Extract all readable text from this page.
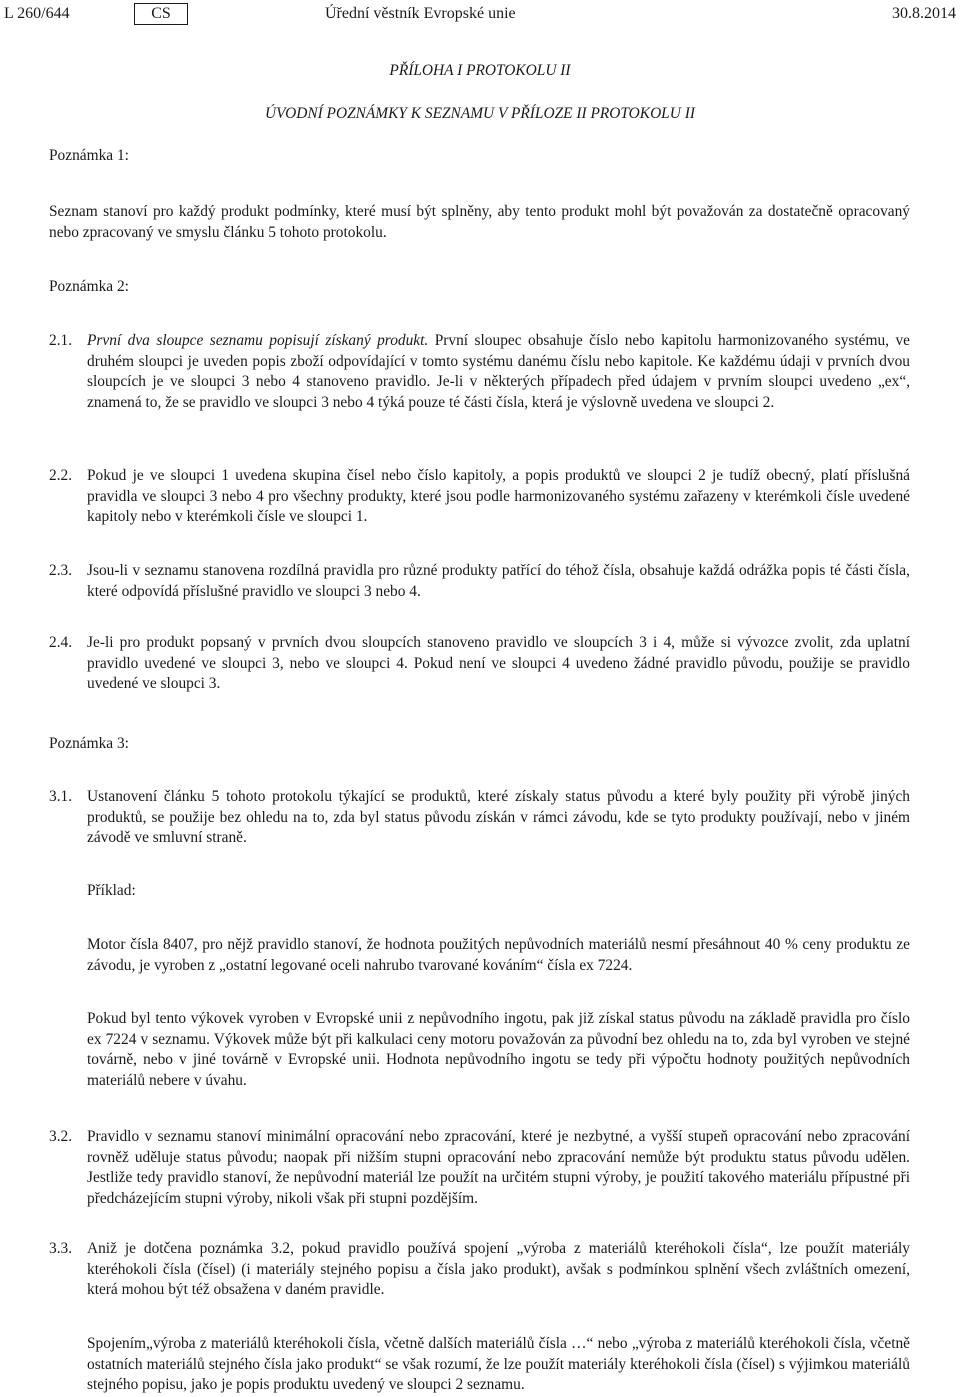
L 260/644	CS	Úřední věstník Evropské unie	30.8.2014
PŘÍLOHA I PROTOKOLU II
ÚVODNÍ POZNÁMKY K SEZNAMU V PŘÍLOZE II PROTOKOLU II

Poznámka 1:

Seznam stanoví pro každý produkt podmínky, které musí být splněny, aby tento produkt mohl být považován za dostatečně opracovaný nebo zpracovaný ve smyslu článku 5 tohoto protokolu.

Poznámka 2:

2.1. První dva sloupce seznamu popisují získaný produkt. První sloupec obsahuje číslo nebo kapitolu harmonizovaného systému, ve druhém sloupci je uveden popis zboží odpovídající v tomto systému danému číslu nebo kapitole. Ke každému údaji v prvních dvou sloupcích je ve sloupci 3 nebo 4 stanoveno pravidlo. Je-li v některých případech před údajem v prvním sloupci uvedeno „ex“, znamená to, že se pravidlo ve sloupci 3 nebo 4 týká pouze té části čísla, která je výslovně uvedena ve sloupci 2.

2.2. Pokud je ve sloupci 1 uvedena skupina čísel nebo číslo kapitoly, a popis produktů ve sloupci 2 je tudíž obecný, platí příslušná pravidla ve sloupci 3 nebo 4 pro všechny produkty, které jsou podle harmonizovaného systému zařazeny v kterémkoli čísle uvedené kapitoly nebo v kterémkoli čísle ve sloupci 1.

2.3. Jsou-li v seznamu stanovena rozdílná pravidla pro různé produkty patřící do téhož čísla, obsahuje každá odrážka popis té části čísla, které odpovídá příslušné pravidlo ve sloupci 3 nebo 4.

2.4. Je-li pro produkt popsaný v prvních dvou sloupcích stanoveno pravidlo ve sloupcích 3 i 4, může si vývozce zvolit, zda uplatní pravidlo uvedené ve sloupci 3, nebo ve sloupci 4. Pokud není ve sloupci 4 uvedeno žádné pravidlo původu, použije se pravidlo uvedené ve sloupci 3.

Poznámka 3:

3.1. Ustanovení článku 5 tohoto protokolu týkající se produktů, které získaly status původu a které byly použity při výrobě jiných produktů, se použije bez ohledu na to, zda byl status původu získán v rámci závodu, kde se tyto produkty používají, nebo v jiném závodě ve smluvní straně.

Příklad:

Motor čísla 8407, pro nějž pravidlo stanoví, že hodnota použitých nepůvodních materiálů nesmí přesáhnout 40 % ceny produktu ze závodu, je vyroben z „ostatní legované oceli nahrubo tvarované kováním“ čísla ex 7224.

Pokud byl tento výkovek vyroben v Evropské unii z nepůvodního ingotu, pak již získal status původu na základě pravidla pro číslo ex 7224 v seznamu. Výkovek může být při kalkulaci ceny motoru považován za původní bez ohledu na to, zda byl vyroben ve stejné továrně, nebo v jiné továrně v Evropské unii. Hodnota nepůvodního ingotu se tedy při výpočtu hodnoty použitých nepůvodních materiálů nebere v úvahu.

3.2. Pravidlo v seznamu stanoví minimální opracování nebo zpracování, které je nezbytné, a vyšší stupeň opracování nebo zpracování rovněž uděluje status původu; naopak při nižším stupni opracování nebo zpracování nemůže být produktu status původu udělen. Jestliže tedy pravidlo stanoví, že nepůvodní materiál lze použít na určitém stupni výroby, je použití takového materiálu přípustné při předcházejícím stupni výroby, nikoli však při stupni pozdějším.

3.3. Aniž je dotčena poznámka 3.2, pokud pravidlo používá spojení „výroba z materiálů kteréhokoli čísla“, lze použít materiály kteréhokoli čísla (čísel) (i materiály stejného popisu a čísla jako produkt), avšak s podmínkou splnění všech zvláštních omezení, která mohou být též obsažena v daném pravidle.

Spojením„výroba z materiálů kteréhokoli čísla, včetně dalších materiálů čísla …“ nebo „výroba z materiálů kteréhokoli čísla, včetně ostatních materiálů stejného čísla jako produkt“ se však rozumí, že lze použít materiály kteréhokoli čísla (čísel) s výjimkou materiálů stejného popisu, jako je popis produktu uvedený ve sloupci 2 seznamu.
